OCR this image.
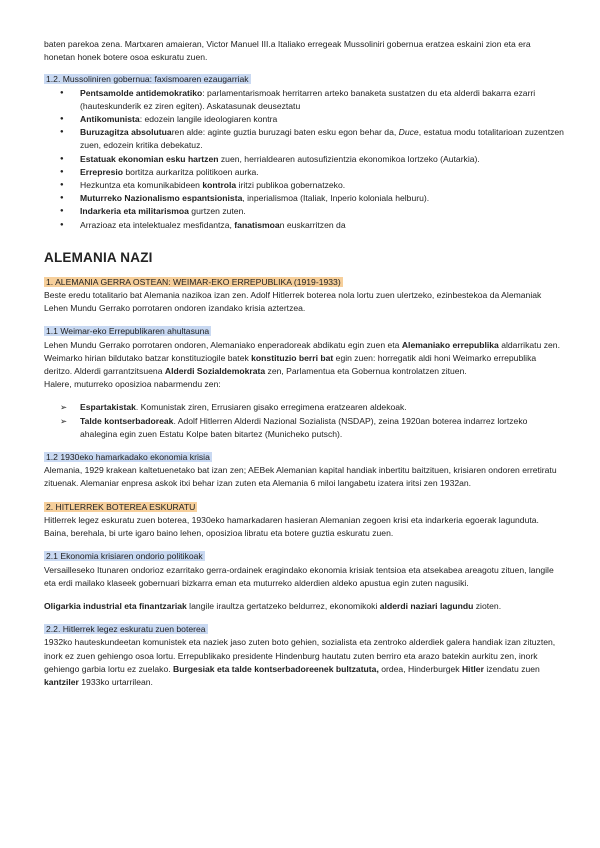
baten parekoa zena. Martxaren amaieran, Victor Manuel III.a Italiako erregeak Mussoliniri gobernua eratzea eskaini zion eta era honetan honek botere osoa eskuratu zuen.

1.2. Mussoliniren gobernua: faxismoaren ezaugarriak

● Pentsamolde antidemokratiko: parlamentarismoak herritarren arteko banaketa sustatzen du eta alderdi bakarra ezarri (hauteskunderik ez ziren egiten). Askatasunak deuseztatu
● Antikomunista: edozein langile ideologiaren kontra
● Buruzagitza absolutuaren alde: aginte guztia buruzagi baten esku egon behar da, Duce, estatua modu totalitarioan zuzentzen zuen, edozein kritika debekatuz.
● Estatuak ekonomian esku hartzen zuen, herrialdearen autosufizientzia ekonomikoa lortzeko (Autarkia).
● Errepresio bortitza aurkaritza politikoen aurka.
● Hezkuntza eta komunikabideen kontrola iritzi publikoa gobernatzeko.
● Muturreko Nazionalismo espantsionista, inperialismoa (Italiak, Inperio koloniala helburu).
● Indarkeria eta militarismoa gurtzen zuten.
● Arrazioaz eta intelektualez mesfidantza, fanatismoan euskarritzen da
ALEMANIA NAZI

1. ALEMANIA GERRA OSTEAN: WEIMAR-EKO ERREPUBLIKA (1919-1933)

Beste eredu totalitario bat Alemania nazikoa izan zen. Adolf Hitlerrek boterea nola lortu zuen ulertzeko, ezinbestekoa da Alemaniak Lehen Mundu Gerrako porrotaren ondoren izandako krisia aztertzea.

1.1 Weimar-eko Errepublikaren ahultasuna

Lehen Mundu Gerrako porrotaren ondoren, Alemaniako enperadoreak abdikatu egin zuen eta Alemaniako errepublika aldarrikatu zen. Weimarko hirian bildutako batzar konstituziogile batek konstituzio berri bat egin zuen: horregatik aldi honi Weimarko errepublika deritzo. Alderdi garrantzitsuena Alderdi Sozialdemokrata zen, Parlamentua eta Gobernua kontrolatzen zituen.

Halere, muturreko oposizioa nabarmendu zen:

➢ Espartakistak. Komunistak ziren, Errusiaren gisako erregimena eratzearen aldekoak.
➢ Talde kontserbadoreak. Adolf Hitlerren Alderdi Nazional Sozialista (NSDAP), zeina 1920an boterea indarrez lortzeko ahalegina egin zuen Estatu Kolpe baten bitartez (Municheko putsch).

1.2 1930eko hamarkadako ekonomia krisia

Alemania, 1929 krakean kaltetuenetako bat izan zen; AEBek Alemanian kapital handiak inbertitu baitzituen, krisiaren ondoren erretiratu zituenak. Alemaniar enpresa askok itxi behar izan zuten eta Alemania 6 miloi langabetu izatera iritsi zen 1932an.

2. HITLERREK BOTEREA ESKURATU

Hitlerrek legez eskuratu zuen boterea, 1930eko hamarkadaren hasieran Alemanian zegoen krisi eta indarkeria egoerak lagunduta. Baina, berehala, bi urte igaro baino lehen, oposizioa libratu eta botere guztia eskuratu zuen.

2.1 Ekonomia krisiaren ondorio politikoak

Versailleseko Itunaren ondorioz ezarritako gerra-ordainek eragindako ekonomia krisiak tentsioa eta atsekabea areagotu zituen, langile eta erdi mailako klaseek gobernuari bizkarra eman eta muturreko alderdien aldeko apustua egin zuten nagusiki.

Oligarkia industrial eta finantzariak langile iraultza gertatzeko beldurrez, ekonomikoki alderdi naziari lagundu zioten.

2.2. Hitlerrek legez eskuratu zuen boterea

1932ko hauteskundeetan komunistek eta naziek jaso zuten boto gehien, sozialista eta zentroko alderdiek galera handiak izan zituzten, inork ez zuen gehiengo osoa lortu. Errepublikako presidente Hindenburg hautatu zuten berriro eta arazo batekin aurkitu zen, inork gehiengo garbia lortu ez zuelako. Burgesiak eta talde kontserbadoreenek bultzatuta, ordea, Hinderburgek Hitler izendatu zuen kantziler 1933ko urtarrilean.
